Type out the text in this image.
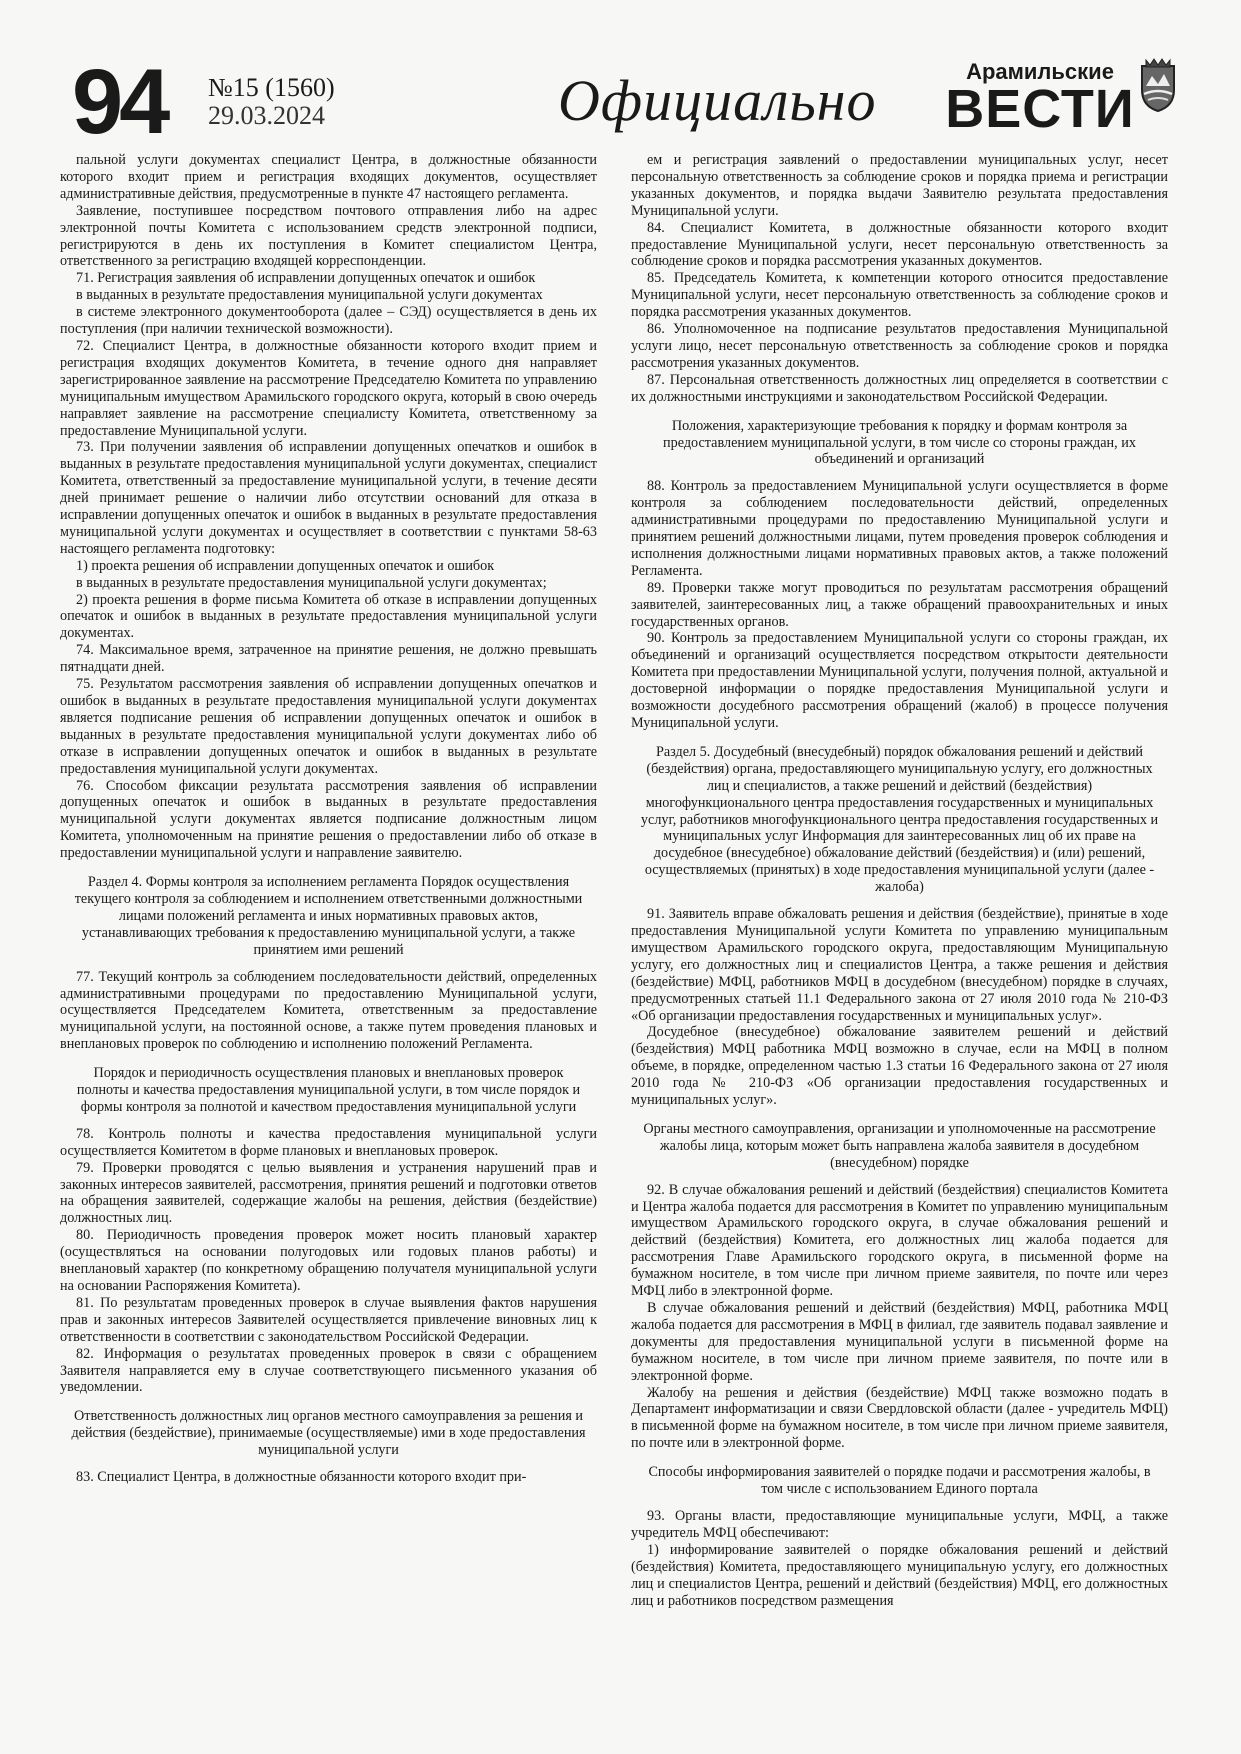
94 №15 (1560)
29.03.2024	Официально	Арамильские
ВЕСТИ

пальной услуги документах специалист Центра, в должностные обязанности которого входит прием и регистрация входящих документов, осуществляет административные действия, предусмотренные в пункте 47 настоящего регламента.

Заявление, поступившее посредством почтового отправления либо на адрес электронной почты Комитета с использованием средств электронной подписи, регистрируются в день их поступления в Комитет специалистом Центра, ответственного за регистрацию входящей корреспонденции.

71. Регистрация заявления об исправлении допущенных опечаток и ошибок

в выданных в результате предоставления муниципальной услуги документах

в системе электронного документооборота (далее – СЭД) осуществляется в день их поступления (при наличии технической возможности).

72. Специалист Центра, в должностные обязанности которого входит прием и регистрация входящих документов Комитета, в течение одного дня направляет зарегистрированное заявление на рассмотрение Председателю Комитета по управлению муниципальным имуществом Арамильского городского округа, который в свою очередь направляет заявление на рассмотрение специалисту Комитета, ответственному за предоставление Муниципальной услуги.

73. При получении заявления об исправлении допущенных опечатков и ошибок в выданных в результате предоставления муниципальной услуги документах, специалист Комитета, ответственный за предоставление муниципальной услуги, в течение десяти дней принимает решение о наличии либо отсутствии оснований для отказа в исправлении допущенных опечаток и ошибок в выданных в результате предоставления муниципальной услуги документах и осуществляет в соответствии с пунктами 58-63 настоящего регламента подготовку:

1) проекта решения об исправлении допущенных опечаток и ошибок

в выданных в результате предоставления муниципальной услуги документах;

2) проекта решения в форме письма Комитета об отказе в исправлении допущенных опечаток и ошибок в выданных в результате предоставления муниципальной услуги документах.

74. Максимальное время, затраченное на принятие решения, не должно превышать пятнадцати дней.

75. Результатом рассмотрения заявления об исправлении допущенных опечатков и ошибок в выданных в результате предоставления муниципальной услуги документах является подписание решения об исправлении допущенных опечаток и ошибок в выданных в результате предоставления муниципальной услуги документах либо об отказе в исправлении допущенных опечаток и ошибок в выданных в результате предоставления муниципальной услуги документах.

76. Способом фиксации результата рассмотрения заявления об исправлении допущенных опечаток и ошибок в выданных в результате предоставления муниципальной услуги документах является подписание должностным лицом Комитета, уполномоченным на принятие решения о предоставлении либо об отказе в предоставлении муниципальной услуги и направление заявителю.

Раздел 4. Формы контроля за исполнением регламента Порядок осуществления текущего контроля за соблюдением и исполнением ответственными должностными лицами положений регламента и иных нормативных правовых актов, устанавливающих требования к предоставлению муниципальной услуги, а также принятием ими решений

77. Текущий контроль за соблюдением последовательности действий, определенных административными процедурами по предоставлению Муниципальной услуги, осуществляется Председателем Комитета, ответственным за предоставление муниципальной услуги, на постоянной основе, а также путем проведения плановых и внеплановых проверок по соблюдению и исполнению положений Регламента.

Порядок и периодичность осуществления плановых и внеплановых проверок полноты и качества предоставления муниципальной услуги, в том числе порядок и формы контроля за полнотой и качеством предоставления муниципальной услуги

78. Контроль полноты и качества предоставления муниципальной услуги осуществляется Комитетом в форме плановых и внеплановых проверок.

79. Проверки проводятся с целью выявления и устранения нарушений прав и законных интересов заявителей, рассмотрения, принятия решений и подготовки ответов на обращения заявителей, содержащие жалобы на решения, действия (бездействие) должностных лиц.

80. Периодичность проведения проверок может носить плановый характер (осуществляться на основании полугодовых или годовых планов работы) и внеплановый характер (по конкретному обращению получателя муниципальной услуги на основании Распоряжения Комитета).

81. По результатам проведенных проверок в случае выявления фактов нарушения прав и законных интересов Заявителей осуществляется привлечение виновных лиц к ответственности в соответствии с законодательством Российской Федерации.

82. Информация о результатах проведенных проверок в связи с обращением Заявителя направляется ему в случае соответствующего письменного указания об уведомлении.

Ответственность должностных лиц органов местного самоуправления за решения и действия (бездействие), принимаемые (осуществляемые) ими в ходе предоставления муниципальной услуги

83. Специалист Центра, в должностные обязанности которого входит при-

ем и регистрация заявлений о предоставлении муниципальных услуг, несет персональную ответственность за соблюдение сроков и порядка приема и регистрации указанных документов, и порядка выдачи Заявителю результата предоставления Муниципальной услуги.

84. Специалист Комитета, в должностные обязанности которого входит предоставление Муниципальной услуги, несет персональную ответственность за соблюдение сроков и порядка рассмотрения указанных документов.

85. Председатель Комитета, к компетенции которого относится предоставление Муниципальной услуги, несет персональную ответственность за соблюдение сроков и порядка рассмотрения указанных документов.

86. Уполномоченное на подписание результатов предоставления Муниципальной услуги лицо, несет персональную ответственность за соблюдение сроков и порядка рассмотрения указанных документов.

87. Персональная ответственность должностных лиц определяется в соответствии с их должностными инструкциями и законодательством Российской Федерации.

Положения, характеризующие требования к порядку и формам контроля за предоставлением муниципальной услуги, в том числе со стороны граждан, их объединений и организаций

88. Контроль за предоставлением Муниципальной услуги осуществляется в форме контроля за соблюдением последовательности действий, определенных административными процедурами по предоставлению Муниципальной услуги и принятием решений должностными лицами, путем проведения проверок соблюдения и исполнения должностными лицами нормативных правовых актов, а также положений Регламента.

89. Проверки также могут проводиться по результатам рассмотрения обращений заявителей, заинтересованных лиц, а также обращений правоохранительных и иных государственных органов.

90. Контроль за предоставлением Муниципальной услуги со стороны граждан, их объединений и организаций осуществляется посредством открытости деятельности Комитета при предоставлении Муниципальной услуги, получения полной, актуальной и достоверной информации о порядке предоставления Муниципальной услуги и возможности досудебного рассмотрения обращений (жалоб) в процессе получения Муниципальной услуги.

Раздел 5. Досудебный (внесудебный) порядок обжалования решений и действий (бездействия) органа, предоставляющего муниципальную услугу, его должностных лиц и специалистов, а также решений и действий (бездействия) многофункционального центра предоставления государственных и муниципальных услуг, работников многофункционального центра предоставления государственных и муниципальных услуг Информация для заинтересованных лиц об их праве на досудебное (внесудебное) обжалование действий (бездействия) и (или) решений, осуществляемых (принятых) в ходе предоставления муниципальной услуги (далее - жалоба)

91. Заявитель вправе обжаловать решения и действия (бездействие), принятые в ходе предоставления Муниципальной услуги Комитета по управлению муниципальным имуществом Арамильского городского округа, предоставляющим Муниципальную услугу, его должностных лиц и специалистов Центра, а также решения и действия (бездействие) МФЦ, работников МФЦ в досудебном (внесудебном) порядке в случаях, предусмотренных статьей 11.1 Федерального закона от 27 июля 2010 года № 210-ФЗ «Об организации предоставления государственных и муниципальных услуг».

Досудебное (внесудебное) обжалование заявителем решений и действий (бездействия) МФЦ работника МФЦ возможно в случае, если на МФЦ в полном объеме, в порядке, определенном частью 1.3 статьи 16 Федерального закона от 27 июля 2010 года № 210-ФЗ «Об организации предоставления государственных и муниципальных услуг».

Органы местного самоуправления, организации и уполномоченные на рассмотрение жалобы лица, которым может быть направлена жалоба заявителя в досудебном (внесудебном) порядке

92. В случае обжалования решений и действий (бездействия) специалистов Комитета и Центра жалоба подается для рассмотрения в Комитет по управлению муниципальным имуществом Арамильского городского округа, в случае обжалования решений и действий (бездействия) Комитета, его должностных лиц жалоба подается для рассмотрения Главе Арамильского городского округа, в письменной форме на бумажном носителе, в том числе при личном приеме заявителя, по почте или через МФЦ либо в электронной форме.

В случае обжалования решений и действий (бездействия) МФЦ, работника МФЦ жалоба подается для рассмотрения в МФЦ в филиал, где заявитель подавал заявление и документы для предоставления муниципальной услуги в письменной форме на бумажном носителе, в том числе при личном приеме заявителя, по почте или в электронной форме.

Жалобу на решения и действия (бездействие) МФЦ также возможно подать в Департамент информатизации и связи Свердловской области (далее - учредитель МФЦ) в письменной форме на бумажном носителе, в том числе при личном приеме заявителя, по почте или в электронной форме.

Способы информирования заявителей о порядке подачи и рассмотрения жалобы, в том числе с использованием Единого портала

93. Органы власти, предоставляющие муниципальные услуги, МФЦ, а также учредитель МФЦ обеспечивают:

1) информирование заявителей о порядке обжалования решений и действий (бездействия) Комитета, предоставляющего муниципальную услугу, его должностных лиц и специалистов Центра, решений и действий (бездействия) МФЦ, его должностных лиц и работников посредством размещения
